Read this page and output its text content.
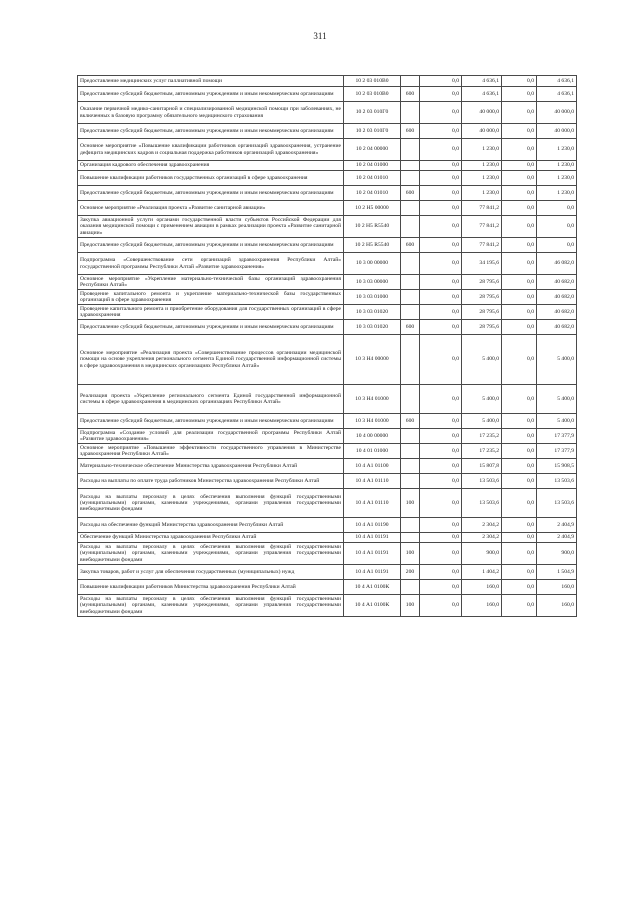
311
Предоставление медицинских услуг паллиативной помощи	10 2 03 010В0		0,0	4 636,1	0,0	4 636,1
Предоставление субсидий бюджетным, автономным учреждениям и иным некоммерческим организациям	10 2 03 010В0	600	0,0	4 636,1	0,0	4 636,1
Оказание первичной медико-санитарной и специализированной медицинской помощи при заболеваниях, не включенных в базовую программу обязательного медицинского страхования	10 2 03 010Г0		0,0	40 000,0	0,0	40 000,0
Предоставление субсидий бюджетным, автономным учреждениям и иным некоммерческим организациям	10 2 03 010Г0	600	0,0	40 000,0	0,0	40 000,0
Основное мероприятие «Повышение квалификации работников организаций здравоохранения, устранение дефицита медицинских кадров и социальная поддержка работников организаций здравоохранения»	10 2 04 00000		0,0	1 230,0	0,0	1 230,0
Организация кадрового обеспечения здравоохранения	10 2 04 01000		0,0	1 230,0	0,0	1 230,0
Повышение квалификации работников государственных организаций в сфере здравоохранения	10 2 04 01010		0,0	1 230,0	0,0	1 230,0
Предоставление субсидий бюджетным, автономным учреждениям и иным некоммерческим организациям	10 2 04 01010	600	0,0	1 230,0	0,0	1 230,0
Основное мероприятие «Реализация проекта «Развитие санитарной авиации»	10 2 Н5 00000		0,0	77 841,2	0,0	0,0
Закупка авиационной услуги органами государственной власти субъектов Российской Федерации для оказания медицинской помощи с применением авиации в рамках реализации проекта «Развитие санитарной авиации»	10 2 Н5 R5540		0,0	77 841,2	0,0	0,0
Предоставление субсидий бюджетным, автономным учреждениям и иным некоммерческим организациям	10 2 Н5 R5540	600	0,0	77 841,2	0,0	0,0
Подпрограмма «Совершенствование сети организаций здравоохранения Республики Алтай» государственной программы Республики Алтай «Развитие здравоохранения»	10 3 00 00000		0,0	34 195,6	0,0	46 082,0
Основное мероприятие «Укрепление материально-технической базы организаций здравоохранения Республики Алтай»	10 3 03 00000		0,0	28 795,6	0,0	40 682,0
Проведение капитального ремонта и укрепление материально-технической базы государственных организаций в сфере здравоохранения	10 3 03 01000		0,0	28 795,6	0,0	40 682,0
Проведение капитального ремонта и приобретение оборудования для государственных организаций в сфере здравоохранения	10 3 03 01020		0,0	28 795,6	0,0	40 682,0
Предоставление субсидий бюджетным, автономным учреждениям и иным некоммерческим организациям	10 3 03 01020	600	0,0	28 795,6	0,0	40 682,0
Основное мероприятие «Реализация проекта «Совершенствование процессов организации медицинской помощи на основе укрепления регионального сегмента Единой государственной информационной системы в сфере здравоохранения в медицинских организациях Республики Алтай»	10 3 Н4 00000		0,0	5 400,0	0,0	5 400,0
Реализация проекта «Укрепление регионального сегмента Единой государственной информационной системы в сфере здравоохранения в медицинских организациях Республики Алтай»	10 3 Н4 01000		0,0	5 400,0	0,0	5 400,0
Предоставление субсидий бюджетным, автономным учреждениям и иным некоммерческим организациям	10 3 Н4 01000	600	0,0	5 400,0	0,0	5 400,0
Подпрограмма «Создание условий для реализации государственной программы Республики Алтай «Развитие здравоохранения»	10 4 00 00000		0,0	17 235,2	0,0	17 377,9
Основное мероприятие «Повышение эффективности государственного управления в Министерстве здравоохранения Республики Алтай»	10 4 01 01000		0,0	17 235,2	0,0	17 377,9
Материально-техническое обеспечение Министерства здравоохранения Республики Алтай	10 4 А1 01100		0,0	15 807,8	0,0	15 908,5
Расходы на выплаты по оплате труда работников Министерства здравоохранения Республики Алтай	10 4 А1 01110		0,0	13 503,6	0,0	13 503,6
Расходы на выплаты персоналу в целях обеспечения выполнения функций государственными (муниципальными) органами, казенными учреждениями, органами управления государственными внебюджетными фондами	10 4 А1 01110	100	0,0	13 503,6	0,0	13 503,6
Расходы на обеспечение функций Министерства здравоохранения Республики Алтай	10 4 А1 01190		0,0	2 304,2	0,0	2 404,9
Обеспечение функций Министерства здравоохранения Республики Алтай	10 4 А1 01191		0,0	2 304,2	0,0	2 404,9
Расходы на выплаты персоналу в целях обеспечения выполнения функций государственными (муниципальными) органами, казенными учреждениями, органами управления государственными внебюджетными фондами	10 4 А1 01191	100	0,0	900,0	0,0	900,0
Закупка товаров, работ и услуг для обеспечения государственных (муниципальных) нужд	10 4 А1 01191	200	0,0	1 404,2	0,0	1 504,9
Повышение квалификации работников Министерства здравоохранения Республики Алтай	10 4 А1 0100К		0,0	160,0	0,0	160,0
Расходы на выплаты персоналу в целях обеспечения выполнения функций государственными (муниципальными) органами, казенными учреждениями, органами управления государственными внебюджетными фондами	10 4 А1 0100К	100	0,0	160,0	0,0	160,0
